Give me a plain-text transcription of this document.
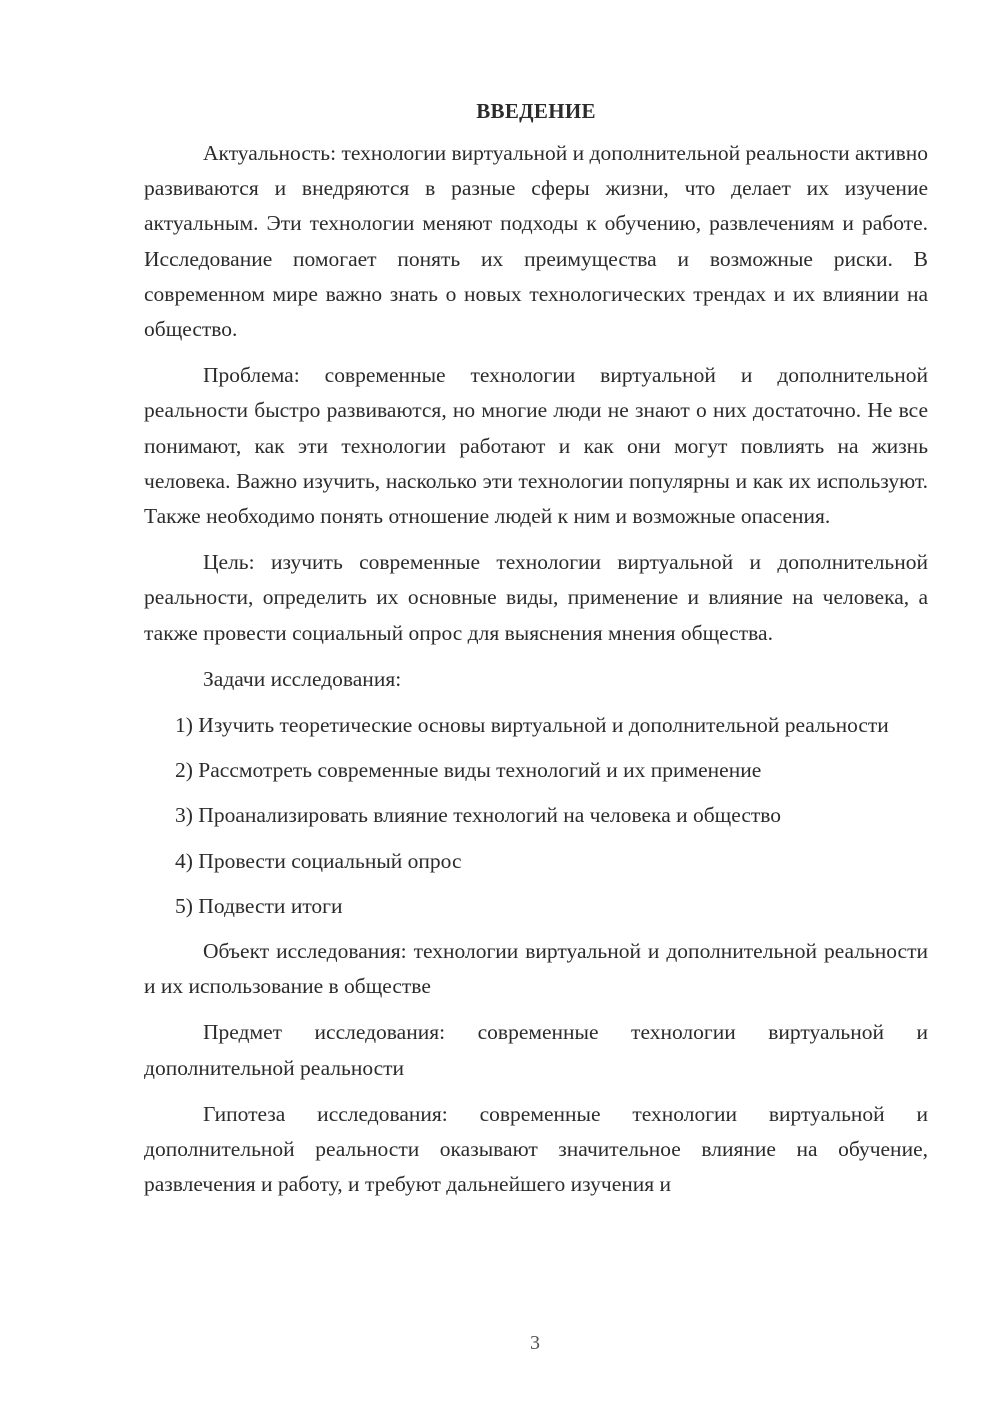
ВВЕДЕНИЕ

Актуальность: технологии виртуальной и дополнительной реальности активно развиваются и внедряются в разные сферы жизни, что делает их изучение актуальным. Эти технологии меняют подходы к обучению, развлечениям и работе. Исследование помогает понять их преимущества и возможные риски. В современном мире важно знать о новых технологических трендах и их влиянии на общество.

Проблема: современные технологии виртуальной и дополнительной реальности быстро развиваются, но многие люди не знают о них достаточно. Не все понимают, как эти технологии работают и как они могут повлиять на жизнь человека. Важно изучить, насколько эти технологии популярны и как их используют. Также необходимо понять отношение людей к ним и возможные опасения.

Цель: изучить современные технологии виртуальной и дополнительной реальности, определить их основные виды, применение и влияние на человека, а также провести социальный опрос для выяснения мнения общества.

Задачи исследования:

1) Изучить теоретические основы виртуальной и дополнительной реальности
2) Рассмотреть современные виды технологий и их применение
3) Проанализировать влияние технологий на человека и общество
4) Провести социальный опрос
5) Подвести итоги

Объект исследования: технологии виртуальной и дополнительной реальности и их использование в обществе

Предмет исследования: современные технологии виртуальной и дополнительной реальности

Гипотеза исследования: современные технологии виртуальной и дополнительной реальности оказывают значительное влияние на обучение, развлечения и работу, и требуют дальнейшего изучения и

3
